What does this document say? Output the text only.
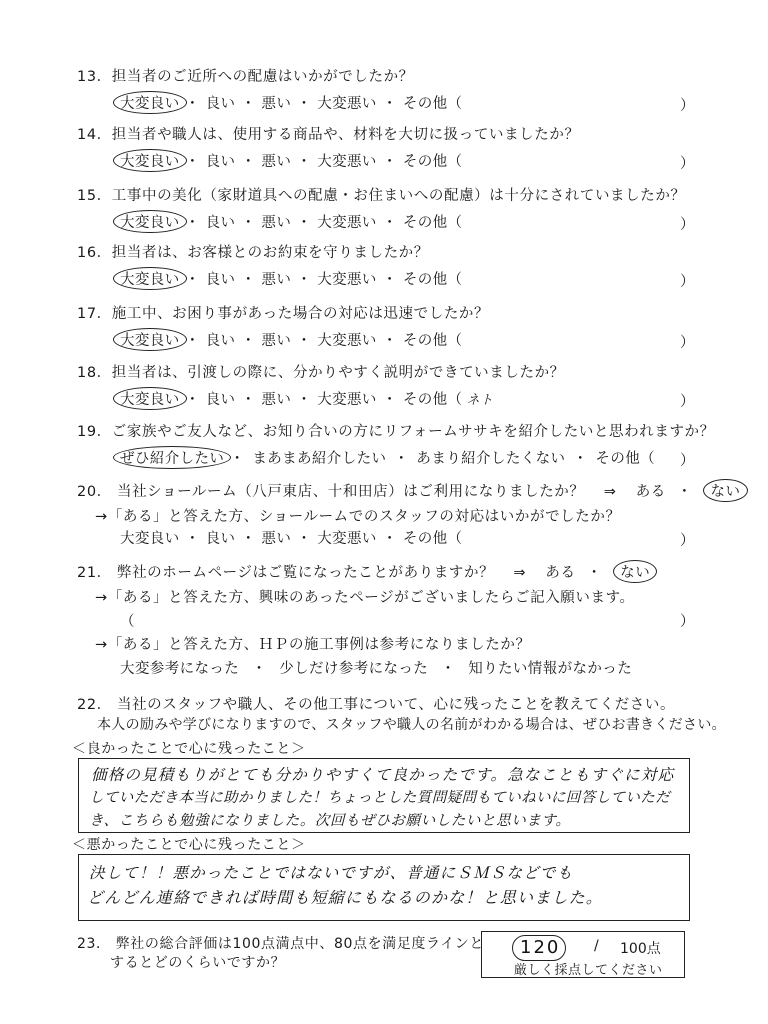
13．担当者のご近所への配慮はいかがでしたか？
大変良い ・ 良い ・ 悪い ・ 大変悪い ・ その他（	）
14．担当者や職人は、使用する商品や、材料を大切に扱っていましたか？
大変良い ・ 良い ・ 悪い ・ 大変悪い ・ その他（	）
15．工事中の美化（家財道具への配慮・お住まいへの配慮）は十分にされていましたか？
大変良い ・ 良い ・ 悪い ・ 大変悪い ・ その他（	）
16．担当者は、お客様とのお約束を守りましたか？
大変良い ・ 良い ・ 悪い ・ 大変悪い ・ その他（	）
17．施工中、お困り事があった場合の対応は迅速でしたか？
大変良い ・ 良い ・ 悪い ・ 大変悪い ・ その他（	）
18．担当者は、引渡しの際に、分かりやすく説明ができていましたか？
大変良い ・ 良い ・ 悪い ・ 大変悪い ・ その他（ ネト	）
19．ご家族やご友人など、お知り合いの方にリフォームササキを紹介したいと思われますか？
ぜひ紹介したい ・ まあまあ紹介したい ・ あまり紹介したくない ・ その他（ ）
20． 当社ショールーム（八戸東店、十和田店）はご利用になりましたか？ ⇒ ある ・ ない
→「ある」と答えた方、ショールームでのスタッフの対応はいかがでしたか？
大変良い ・ 良い ・ 悪い ・ 大変悪い ・ その他（	）
21． 弊社のホームページはご覧になったことがありますか？ ⇒ ある ・ ない
→「ある」と答えた方、興味のあったページがございましたらご記入願います。
（	）
→「ある」と答えた方、ＨＰの施工事例は参考になりましたか？
大変参考になった ・ 少しだけ参考になった ・ 知りたい情報がなかった
22． 当社のスタッフや職人、その他工事について、心に残ったことを教えてください。
本人の励みや学びになりますので、スタッフや職人の名前がわかる場合は、ぜひお書きください。
＜良かったことで心に残ったこと＞
価格の見積もりがとても分かりやすくて良かったです。急なこともすぐに対応
していただき本当に助かりました！ちょっとした質問疑問もていねいに回答していただ
き、こちらも勉強になりました。次回もぜひお願いしたいと思います。
＜悪かったことで心に残ったこと＞
決して！！悪かったことではないですが、普通にＳＭＳなどでも
どんどん連絡できれば時間も短縮にもなるのかな！と思いました。
23． 弊社の総合評価は100点満点中、80点を満足度ラインと
するとどのくらいですか？
120 / 100点
厳しく採点してください
